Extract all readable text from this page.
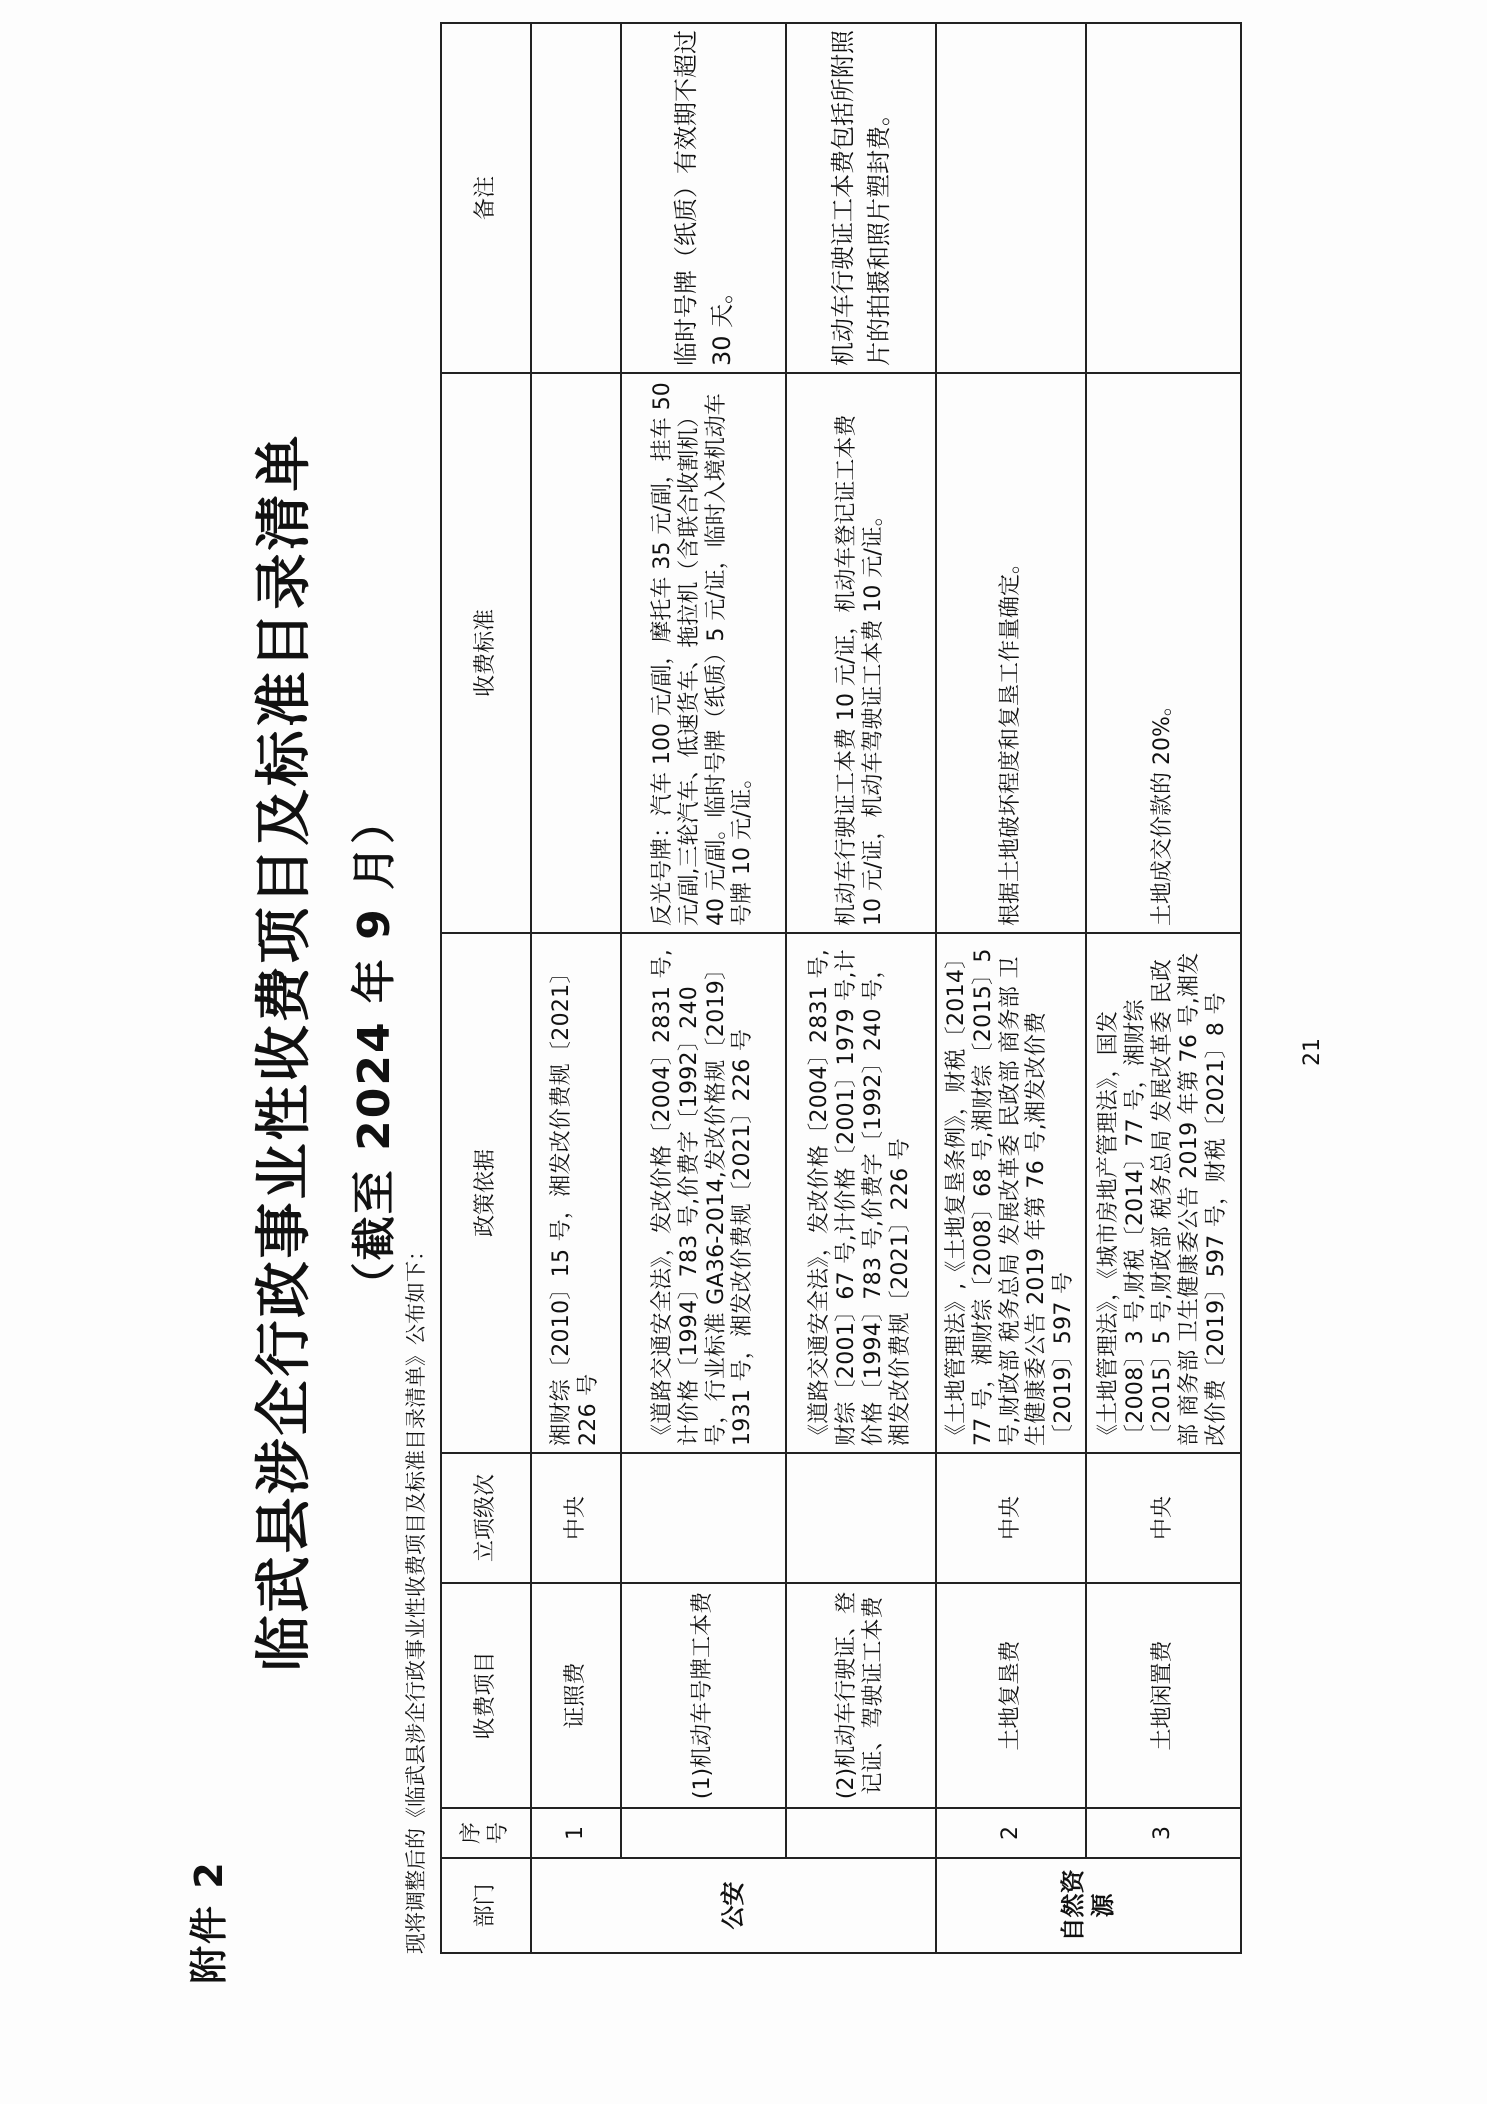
附件 2
临武县涉企行政事业性收费项目及标准目录清单 （截至 2024 年 9 月）
现将调整后的《临武县涉企行政事业性收费项目及标准目录清单》公布如下： 部门	序号	收费项目	立项级次	政策依据	收费标准	备注
公安	1	证照费	中央	湘财综〔2010〕15 号，湘发改价费规〔2021〕226 号		
		(1)机动车号牌工本费		《道路交通安全法》，发改价格〔2004〕2831 号,计价格〔1994〕783 号,价费字〔1992〕240 号，行业标准 GA36-2014,发改价格规〔2019〕1931 号，湘发改价费规〔2021〕226 号	反光号牌：汽车 100 元/副，摩托车 35 元/副，挂车 50 元/副,三轮汽车、低速货车、拖拉机（含联合收割机）40 元/副。临时号牌（纸质）5 元/证，临时入境机动车号牌 10 元/证。	临时号牌（纸质）有效期不超过 30 天。
		(2)机动车行驶证、登记证、驾驶证工本费		《道路交通安全法》，发改价格〔2004〕2831 号,财综〔2001〕67 号,计价格〔2001〕1979 号,计价格〔1994〕783 号,价费字〔1992〕240 号，湘发改价费规〔2021〕226 号	机动车行驶证工本费 10 元/证，机动车登记证工本费 10 元/证，机动车驾驶证工本费 10 元/证。	机动车行驶证工本费包括所附照片的拍摄和照片塑封费。
自然资源	2	土地复垦费	中央	《土地管理法》,《土地复垦条例》，财税〔2014〕77 号，湘财综〔2008〕68 号,湘财综〔2015〕5 号,财政部 税务总局 发展改革委 民政部 商务部 卫生健康委公告 2019 年第 76 号,湘发改价费〔2019〕597 号	根据土地破坏程度和复垦工作量确定。	
	3	土地闲置费	中央	《土地管理法》，《城市房地产管理法》，国发〔2008〕3 号,财税〔2014〕77 号，湘财综〔2015〕5 号,财政部 税务总局 发展改革委 民政部 商务部 卫生健康委公告 2019 年第 76 号,湘发改价费〔2019〕597 号，财税〔2021〕8 号	土地成交价款的 20%。	
21
